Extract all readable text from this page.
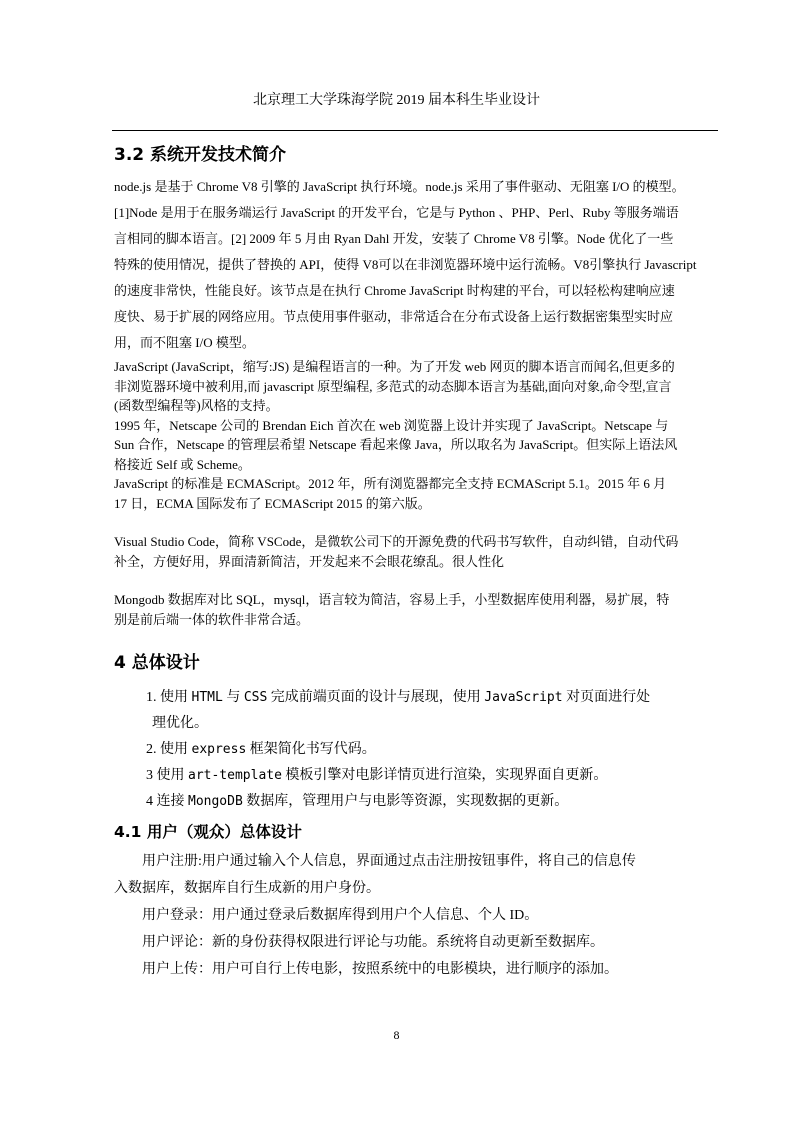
北京理工大学珠海学院 2019 届本科生毕业设计
3.2 系统开发技术简介

node.js 是基于 Chrome V8 引擎的 JavaScript 执行环境。node.js 采用了事件驱动、无阻塞 I/O 的模型。

[1]Node 是用于在服务端运行 JavaScript 的开发平台，它是与 Python 、PHP、Perl、Ruby 等服务端语

言相同的脚本语言。[2] 2009 年 5 月由 Ryan Dahl 开发，安装了 Chrome V8 引擎。Node 优化了一些

特殊的使用情况，提供了替换的 API，使得 V8可以在非浏览器环境中运行流畅。V8引擎执行 Javascript

的速度非常快，性能良好。该节点是在执行 Chrome JavaScript 时构建的平台，可以轻松构建响应速

度快、易于扩展的网络应用。节点使用事件驱动，非常适合在分布式设备上运行数据密集型实时应

用，而不阻塞 I/O 模型。

JavaScript (JavaScript，缩写:JS) 是编程语言的一种。为了开发 web 网页的脚本语言而闻名,但更多的

非浏览器环境中被利用,而 javascript 原型编程, 多范式的动态脚本语言为基础,面向对象,命令型,宣言

(函数型编程等)风格的支持。

1995 年，Netscape 公司的 Brendan Eich 首次在 web 浏览器上设计并实现了 JavaScript。Netscape 与

Sun 合作，Netscape 的管理层希望 Netscape 看起来像 Java，所以取名为 JavaScript。但实际上语法风

格接近 Self 或 Scheme。

JavaScript 的标准是 ECMAScript。2012 年，所有浏览器都完全支持 ECMAScript 5.1。2015 年 6 月

17 日，ECMA 国际发布了 ECMAScript 2015 的第六版。

Visual Studio Code，简称 VSCode，是微软公司下的开源免费的代码书写软件，自动纠错，自动代码

补全，方便好用，界面清新简洁，开发起来不会眼花缭乱。很人性化

Mongodb 数据库对比 SQL，mysql，语言较为简洁，容易上手，小型数据库使用利器，易扩展，特

别是前后端一体的软件非常合适。

4 总体设计

1. 使用 HTML 与 CSS 完成前端页面的设计与展现，使用 JavaScript 对页面进行处

理优化。

2. 使用 express 框架简化书写代码。

3 使用 art-template 模板引擎对电影详情页进行渲染，实现界面自更新。

4 连接 MongoDB 数据库，管理用户与电影等资源，实现数据的更新。

4.1 用户（观众）总体设计

用户注册:用户通过输入个人信息，界面通过点击注册按钮事件，将自己的信息传

入数据库，数据库自行生成新的用户身份。

用户登录：用户通过登录后数据库得到用户个人信息、个人 ID。

用户评论：新的身份获得权限进行评论与功能。系统将自动更新至数据库。

用户上传：用户可自行上传电影，按照系统中的电影模块，进行顺序的添加。

8
